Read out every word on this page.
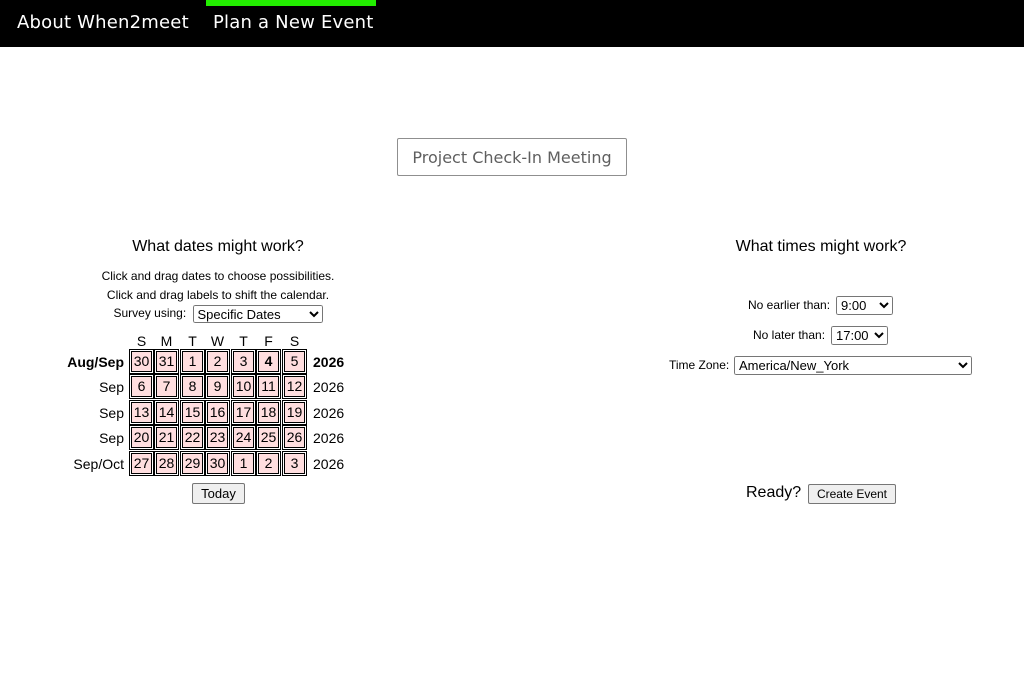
About When2meet Plan a New Event
Project Check-In Meeting
What dates might work?
Click and drag dates to choose possibilities.
Click and drag labels to shift the calendar.
Survey using:
Specific Dates
S	M	T	W	T	F	S
Aug/Sep 30 31	1	2	3	4	5	2026
Sep 6	7	8	9	10 11 12 2026
Sep 13 14 15 16 17 18 19 2026
Sep 20 21 22 23 24 25 26 2026
Sep/Oct 27 28 29 30	1	2	3	2026
Today
What times might work?
No earlier than:
9:00
No later than:
17:00
Time Zone:
America/New_York
Ready?	Create Event
